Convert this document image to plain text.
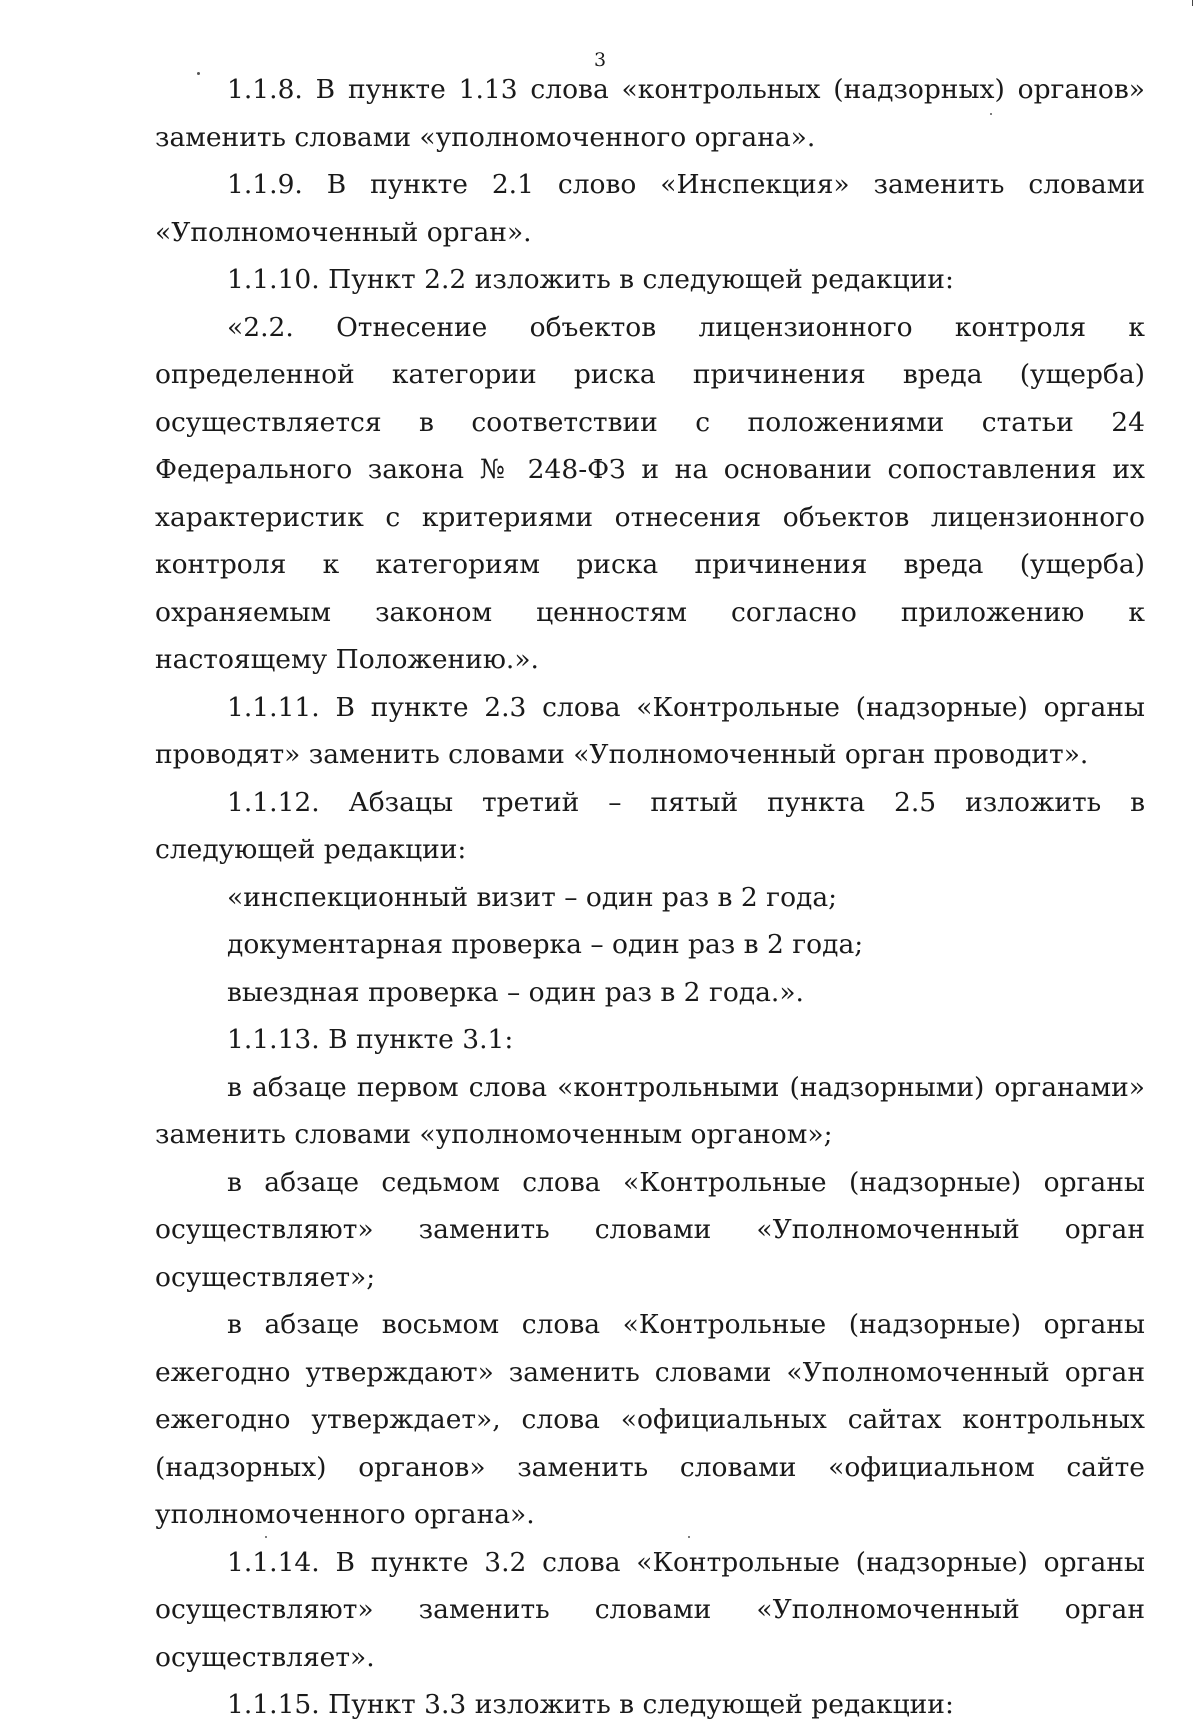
3

1.1.8. В пункте 1.13 слова «контрольных (надзорных) органов» заменить словами «уполномоченного органа».

1.1.9. В пункте 2.1 слово «Инспекция» заменить словами «Уполномоченный орган».

1.1.10. Пункт 2.2 изложить в следующей редакции:

«2.2. Отнесение объектов лицензионного контроля к определенной категории риска причинения вреда (ущерба) осуществляется в соответствии с положениями статьи 24 Федерального закона № 248-ФЗ и на основании сопоставления их характеристик с критериями отнесения объектов лицензионного контроля к категориям риска причинения вреда (ущерба) охраняемым законом ценностям согласно приложению к настоящему Положению.».

1.1.11. В пункте 2.3 слова «Контрольные (надзорные) органы проводят» заменить словами «Уполномоченный орган проводит».

1.1.12. Абзацы третий – пятый пункта 2.5 изложить в следующей редакции:

«инспекционный визит – один раз в 2 года;

документарная проверка – один раз в 2 года;

выездная проверка – один раз в 2 года.».

1.1.13. В пункте 3.1:

в абзаце первом слова «контрольными (надзорными) органами» заменить словами «уполномоченным органом»;

в абзаце седьмом слова «Контрольные (надзорные) органы осуществляют» заменить словами «Уполномоченный орган осуществляет»;

в абзаце восьмом слова «Контрольные (надзорные) органы ежегодно утверждают» заменить словами «Уполномоченный орган ежегодно утверждает», слова «официальных сайтах контрольных (надзорных) органов» заменить словами «официальном сайте уполномоченного органа».

1.1.14. В пункте 3.2 слова «Контрольные (надзорные) органы осуществляют» заменить словами «Уполномоченный орган осуществляет».

1.1.15. Пункт 3.3 изложить в следующей редакции:
